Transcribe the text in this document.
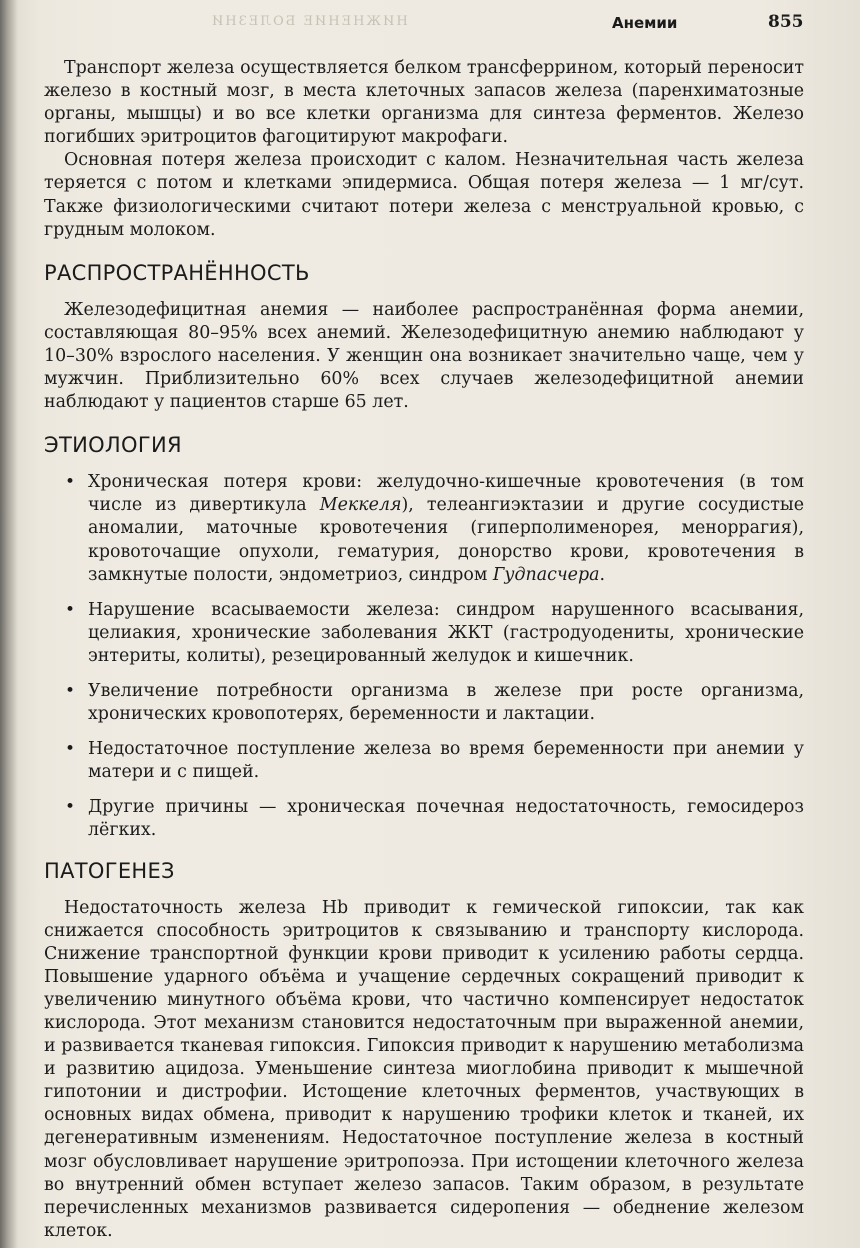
НИЖНЕНИЕ БОЛЕЗНИ	Анемии	855

Транспорт железа осуществляется белком трансферрином, который переносит железо в костный мозг, в места клеточных запасов железа (паренхиматозные органы, мышцы) и во все клетки организма для синтеза ферментов. Железо погибших эритроцитов фагоцитируют макрофаги.

Основная потеря железа происходит с калом. Незначительная часть железа теряется с потом и клетками эпидермиса. Общая потеря железа — 1 мг/сут. Также физиологическими считают потери железа с менструальной кровью, с грудным молоком.

РАСПРОСТРАНЁННОСТЬ

Железодефицитная анемия — наиболее распространённая форма анемии, составляющая 80–95% всех анемий. Железодефицитную анемию наблюдают у 10–30% взрослого населения. У женщин она возникает значительно чаще, чем у мужчин. Приблизительно 60% всех случаев железодефицитной анемии наблюдают у пациентов старше 65 лет.

ЭТИОЛОГИЯ
• Хроническая потеря крови: желудочно-кишечные кровотечения (в том числе из дивертикула Меккеля), телеангиэктазии и другие сосудистые аномалии, маточные кровотечения (гиперполименорея, меноррагия), кровоточащие опухоли, гематурия, донорство крови, кровотечения в замкнутые полости, эндометриоз, синдром Гудпасчера.
• Нарушение всасываемости железа: синдром нарушенного всасывания, целиакия, хронические заболевания ЖКТ (гастродуодениты, хронические энтериты, колиты), резецированный желудок и кишечник.
• Увеличение потребности организма в железе при росте организма, хронических кровопотерях, беременности и лактации.
• Недостаточное поступление железа во время беременности при анемии у матери и с пищей.
• Другие причины — хроническая почечная недостаточность, гемосидероз лёгких.
ПАТОГЕНЕЗ

Недостаточность железа Hb приводит к гемической гипоксии, так как снижается способность эритроцитов к связыванию и транспорту кислорода. Снижение транспортной функции крови приводит к усилению работы сердца. Повышение ударного объёма и учащение сердечных сокращений приводит к увеличению минутного объёма крови, что частично компенсирует недостаток кислорода. Этот механизм становится недостаточным при выраженной анемии, и развивается тканевая гипоксия. Гипоксия приводит к нарушению метаболизма и развитию ацидоза. Уменьшение синтеза миоглобина приводит к мышечной гипотонии и дистрофии. Истощение клеточных ферментов, участвующих в основных видах обмена, приводит к нарушению трофики клеток и тканей, их дегенеративным изменениям. Недостаточное поступление железа в костный мозг обусловливает нарушение эритропоэза. При истощении клеточного железа во внутренний обмен вступает железо запасов. Таким образом, в результате перечисленных механизмов развивается сидеропения — обеднение железом клеток.
